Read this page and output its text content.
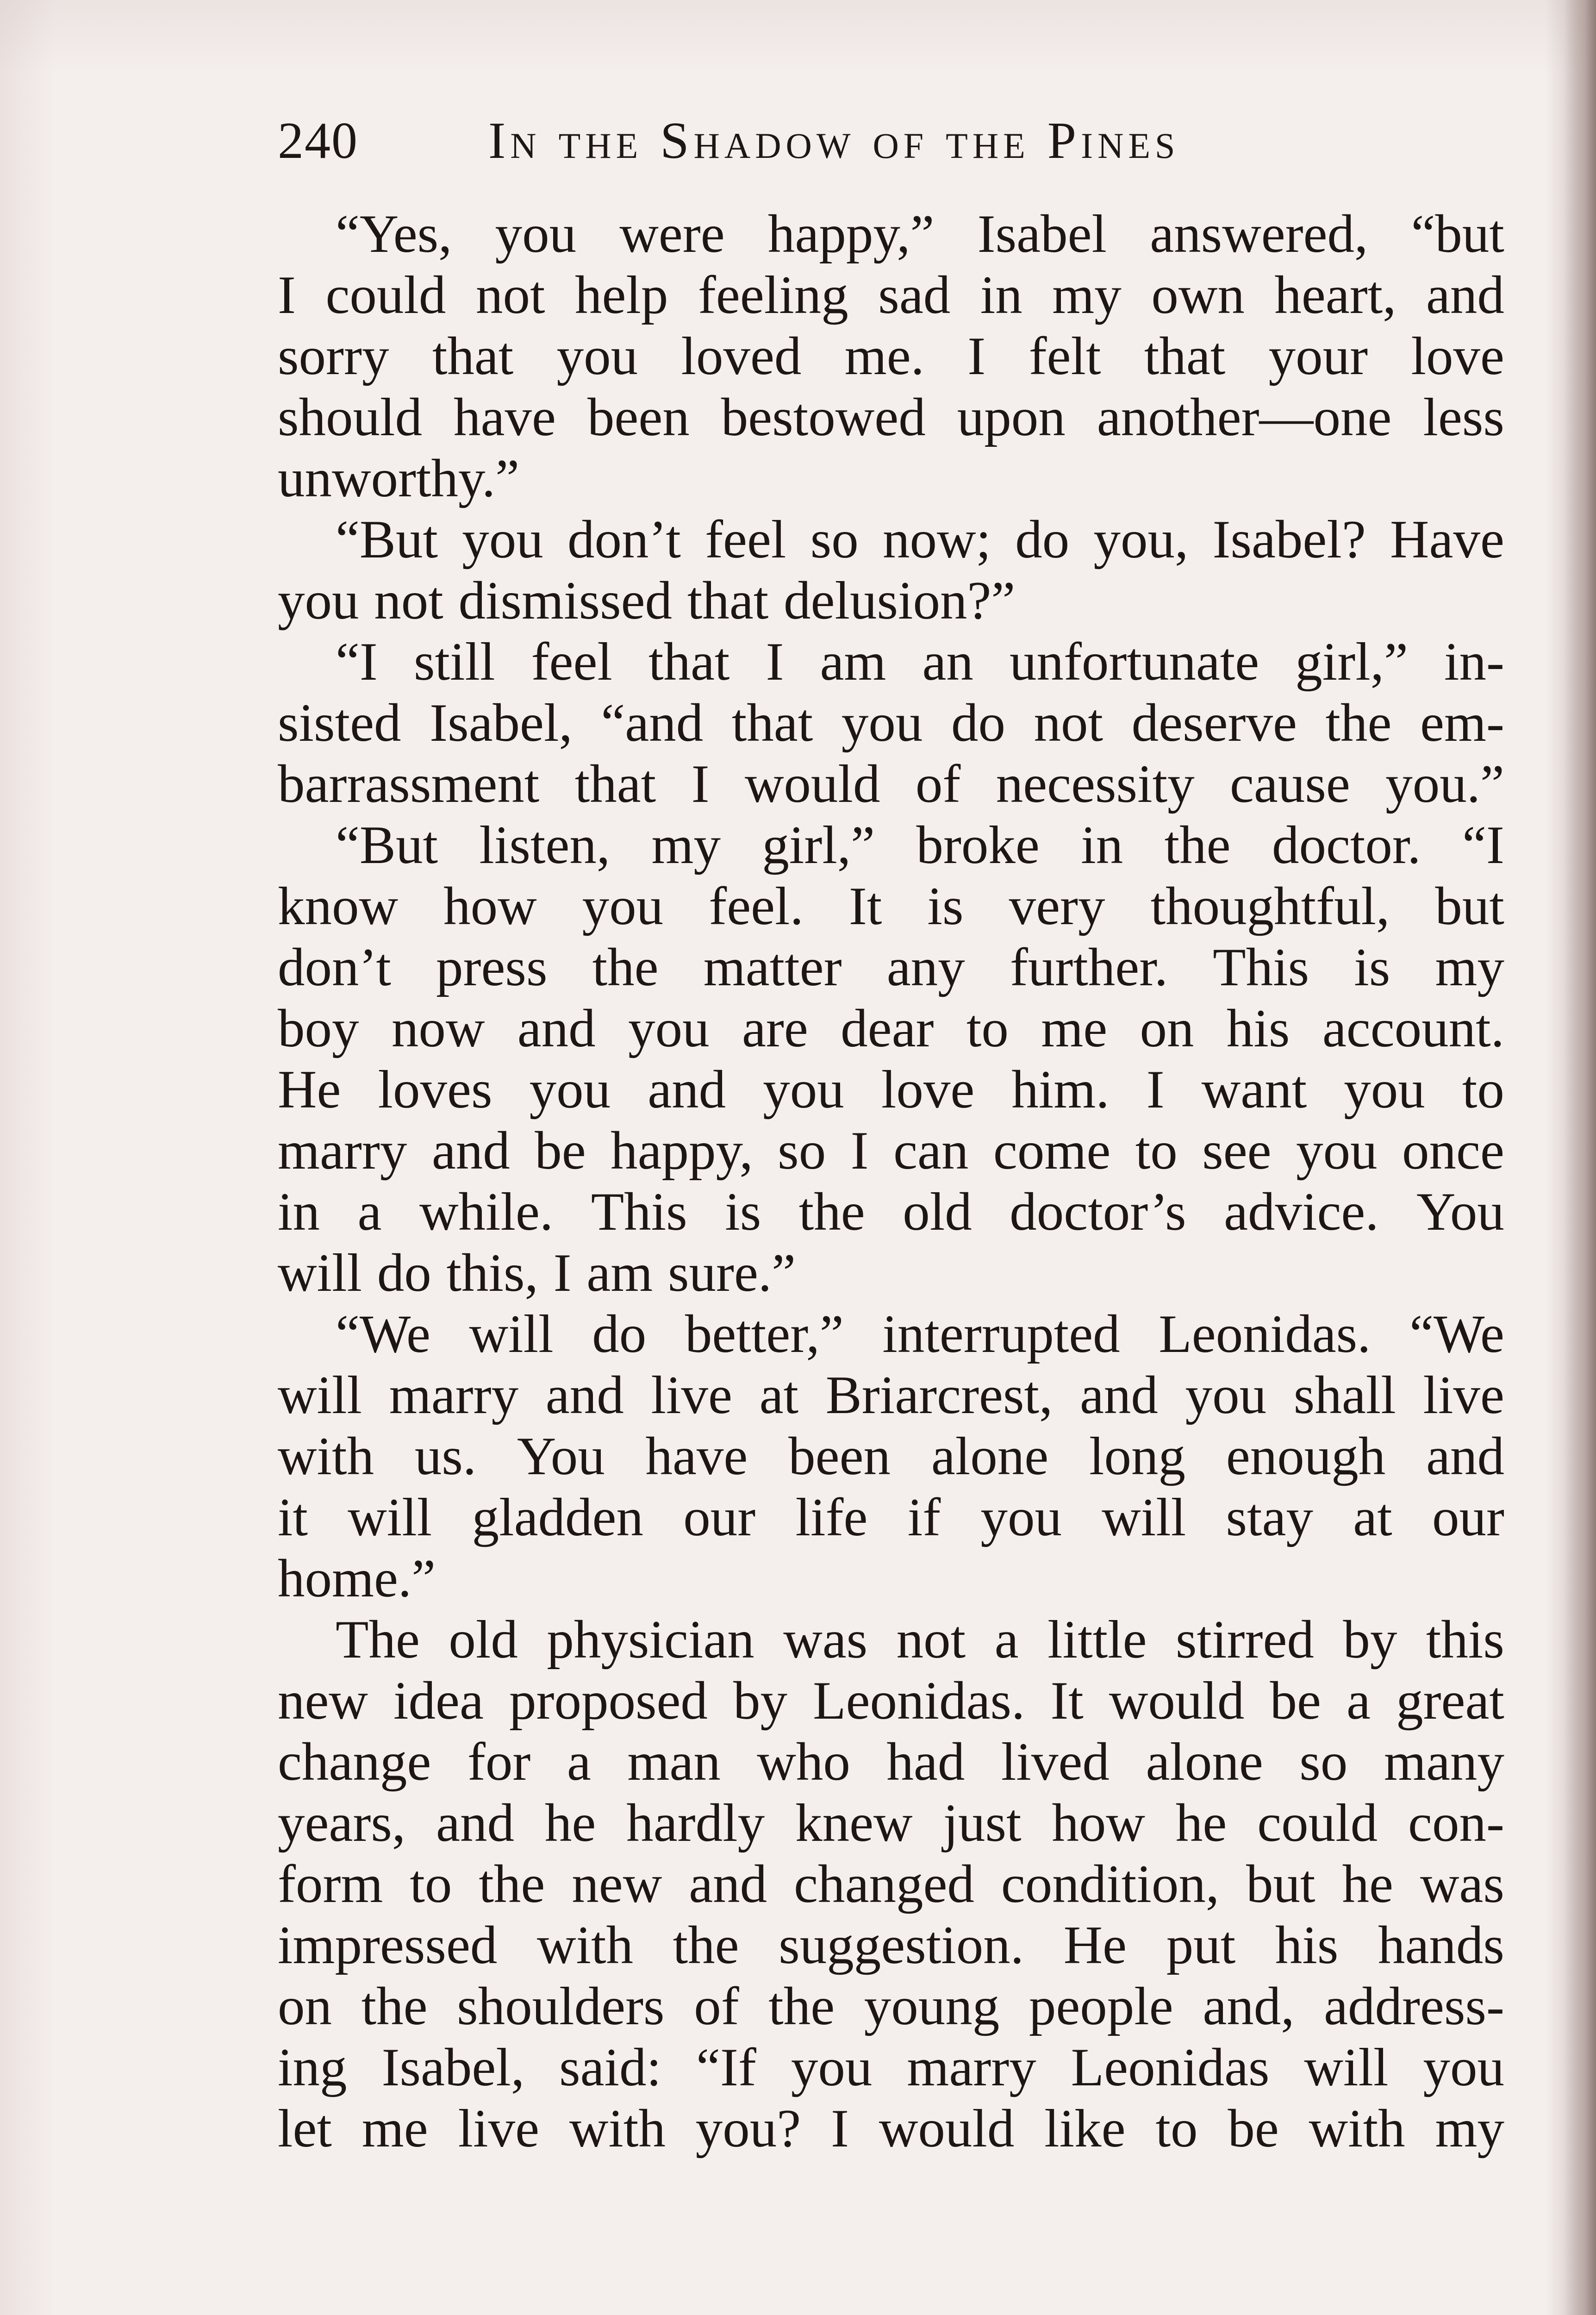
240	In the Shadow of the Pines
“Yes, you were happy,” Isabel answered, “but
I could not help feeling sad in my own heart, and
sorry that you loved me. I felt that your love
should have been bestowed upon another—one less
unworthy.”
“But you don’t feel so now; do you, Isabel? Have
you not dismissed that delusion?”
“I still feel that I am an unfortunate girl,” in-
sisted Isabel, “and that you do not deserve the em-
barrassment that I would of necessity cause you.”
“But listen, my girl,” broke in the doctor. “I
know how you feel. It is very thoughtful, but
don’t press the matter any further. This is my
boy now and you are dear to me on his account.
He loves you and you love him. I want you to
marry and be happy, so I can come to see you once
in a while. This is the old doctor’s advice. You
will do this, I am sure.”
“We will do better,” interrupted Leonidas. “We
will marry and live at Briarcrest, and you shall live
with us. You have been alone long enough and
it will gladden our life if you will stay at our
home.”
The old physician was not a little stirred by this
new idea proposed by Leonidas. It would be a great
change for a man who had lived alone so many
years, and he hardly knew just how he could con-
form to the new and changed condition, but he was
impressed with the suggestion. He put his hands
on the shoulders of the young people and, address-
ing Isabel, said: “If you marry Leonidas will you
let me live with you? I would like to be with my
